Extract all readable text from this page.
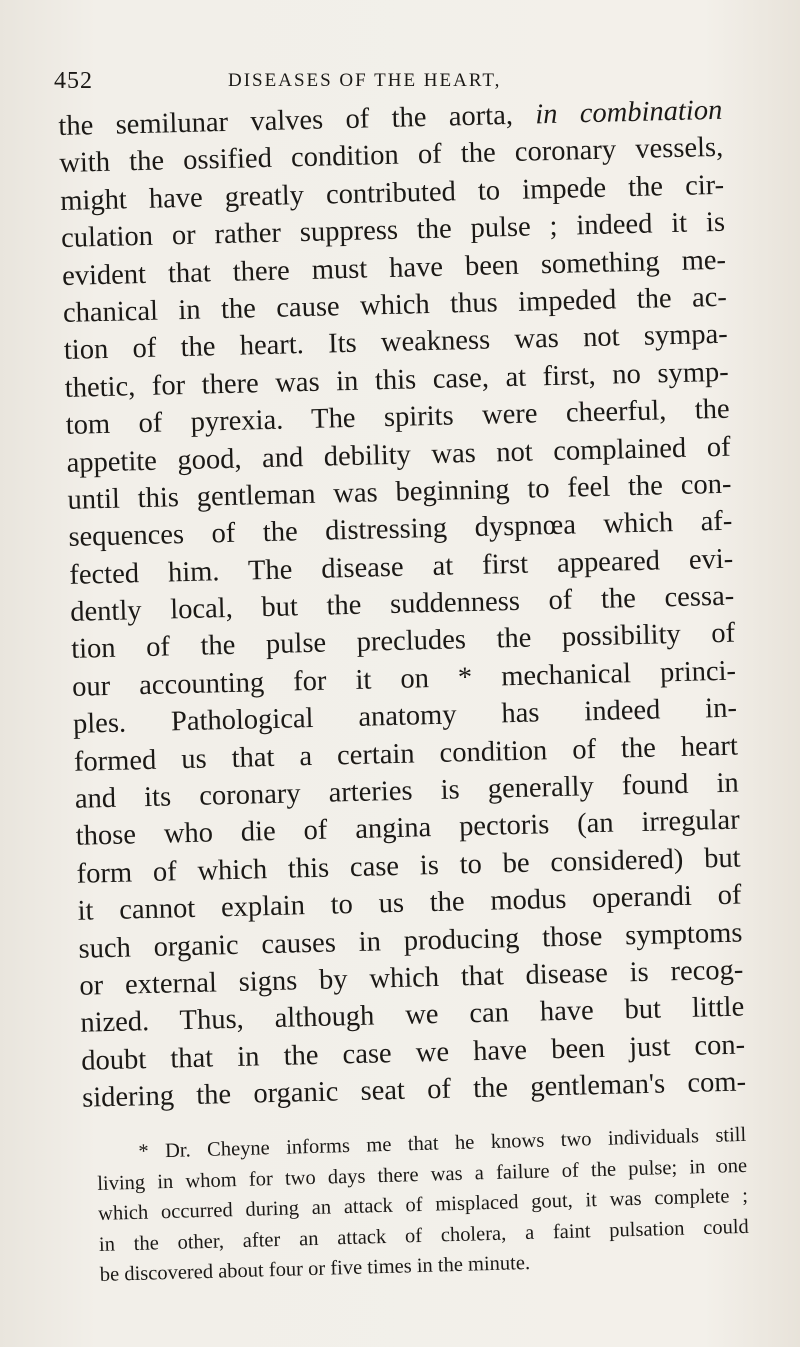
452	DISEASES OF THE HEART,
the semilunar valves of the aorta, in combination
with the ossified condition of the coronary vessels,
might have greatly contributed to impede the cir-
culation or rather suppress the pulse ; indeed it is
evident that there must have been something me-
chanical in the cause which thus impeded the ac-
tion of the heart. Its weakness was not sympa-
thetic, for there was in this case, at first, no symp-
tom of pyrexia. The spirits were cheerful, the
appetite good, and debility was not complained of
until this gentleman was beginning to feel the con-
sequences of the distressing dyspnœa which af-
fected him. The disease at first appeared evi-
dently local, but the suddenness of the cessa-
tion of the pulse precludes the possibility of
our accounting for it on * mechanical princi-
ples. Pathological anatomy has indeed in-
formed us that a certain condition of the heart
and its coronary arteries is generally found in
those who die of angina pectoris (an irregular
form of which this case is to be considered) but
it cannot explain to us the modus operandi of
such organic causes in producing those symptoms
or external signs by which that disease is recog-
nized. Thus, although we can have but little
doubt that in the case we have been just con-
sidering the organic seat of the gentleman's com-
* Dr. Cheyne informs me that he knows two individuals still
living in whom for two days there was a failure of the pulse; in one
which occurred during an attack of misplaced gout, it was complete ;
in the other, after an attack of cholera, a faint pulsation could
be discovered about four or five times in the minute.
